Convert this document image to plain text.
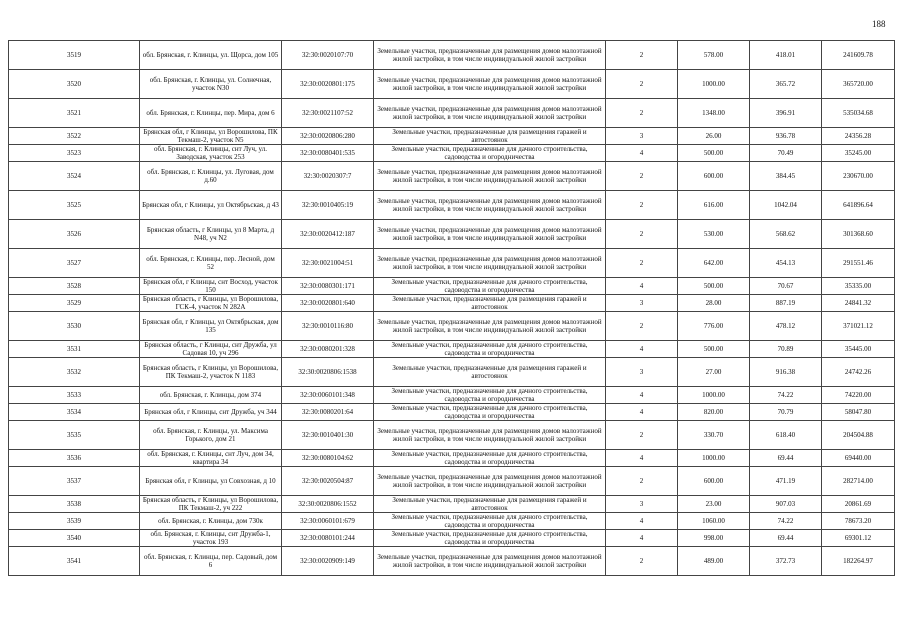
188
3519	обл. Брянская, г. Клинцы, ул. Щорса, дом 105	32:30:0020107:70	Земельные участки, предназначенные для размещения домов малоэтажной жилой застройки, в том числе индивидуальной жилой застройки	2	578.00	418.01	241609.78
3520	обл. Брянская, г. Клинцы, ул. Солнечная, участок N30	32:30:0020801:175	Земельные участки, предназначенные для размещения домов малоэтажной жилой застройки, в том числе индивидуальной жилой застройки	2	1000.00	365.72	365720.00
3521	обл. Брянская, г. Клинцы, пер. Мира, дом 6	32:30:0021107:52	Земельные участки, предназначенные для размещения домов малоэтажной жилой застройки, в том числе индивидуальной жилой застройки	2	1348.00	396.91	535034.68
3522	Брянская обл, г Клинцы, ул Ворошилова, ПК Текмаш-2, участок N5	32:30:0020806:280	Земельные участки, предназначенные для размещения гаражей и автостоянок	3	26.00	936.78	24356.28
3523	обл. Брянская, г. Клинцы, снт Луч, ул. Заводская, участок 253	32:30:0080401:535	Земельные участки, предназначенные для дачного строительства, садоводства и огородничества	4	500.00	70.49	35245.00
3524	обл. Брянская, г. Клинцы, ул. Луговая, дом д.60	32:30:0020307:7	Земельные участки, предназначенные для размещения домов малоэтажной жилой застройки, в том числе индивидуальной жилой застройки	2	600.00	384.45	230670.00
3525	Брянская обл, г Клинцы, ул Октябрьская, д 43	32:30:0010405:19	Земельные участки, предназначенные для размещения домов малоэтажной жилой застройки, в том числе индивидуальной жилой застройки	2	616.00	1042.04	641896.64
3526	Брянская область, г Клинцы, ул 8 Марта, д N48, уч N2	32:30:0020412:187	Земельные участки, предназначенные для размещения домов малоэтажной жилой застройки, в том числе индивидуальной жилой застройки	2	530.00	568.62	301368.60
3527	обл. Брянская, г. Клинцы, пер. Лесной, дом 52	32:30:0021004:51	Земельные участки, предназначенные для размещения домов малоэтажной жилой застройки, в том числе индивидуальной жилой застройки	2	642.00	454.13	291551.46
3528	Брянская обл, г Клинцы, снт Восход, участок 150	32:30:0080301:171	Земельные участки, предназначенные для дачного строительства, садоводства и огородничества	4	500.00	70.67	35335.00
3529	Брянская область, г Клинцы, ул Ворошилова, ГСК-4, участок N 282А	32:30:0020801:640	Земельные участки, предназначенные для размещения гаражей и автостоянок	3	28.00	887.19	24841.32
3530	Брянская обл, г Клинцы, ул Октябрьская, дом 135	32:30:0010116:80	Земельные участки, предназначенные для размещения домов малоэтажной жилой застройки, в том числе индивидуальной жилой застройки	2	776.00	478.12	371021.12
3531	Брянская область, г Клинцы, снт Дружба, ул Садовая 10, уч 296	32:30:0080201:328	Земельные участки, предназначенные для дачного строительства, садоводства и огородничества	4	500.00	70.89	35445.00
3532	Брянская область, г Клинцы, ул Ворошилова, ПК Текмаш-2, участок N 1183	32:30:0020806:1538	Земельные участки, предназначенные для размещения гаражей и автостоянок	3	27.00	916.38	24742.26
3533	обл. Брянская, г. Клинцы, дом 374	32:30:0060101:348	Земельные участки, предназначенные для дачного строительства, садоводства и огородничества	4	1000.00	74.22	74220.00
3534	Брянская обл, г Клинцы, снт Дружба, уч 344	32:30:0080201:64	Земельные участки, предназначенные для дачного строительства, садоводства и огородничества	4	820.00	70.79	58047.80
3535	обл. Брянская, г. Клинцы, ул. Максима Горького, дом 21	32:30:0010401:30	Земельные участки, предназначенные для размещения домов малоэтажной жилой застройки, в том числе индивидуальной жилой застройки	2	330.70	618.40	204504.88
3536	обл. Брянская, г. Клинцы, снт Луч, дом 34, квартира 34	32:30:0080104:62	Земельные участки, предназначенные для дачного строительства, садоводства и огородничества	4	1000.00	69.44	69440.00
3537	Брянская обл, г Клинцы, ул Совхозная, д 10	32:30:0020504:87	Земельные участки, предназначенные для размещения домов малоэтажной жилой застройки, в том числе индивидуальной жилой застройки	2	600.00	471.19	282714.00
3538	Брянская область, г Клинцы, ул Ворошилова, ПК Текмаш-2, уч 222	32:30:0020806:1552	Земельные участки, предназначенные для размещения гаражей и автостоянок	3	23.00	907.03	20861.69
3539	обл. Брянская, г. Клинцы, дом 730к	32:30:0060101:679	Земельные участки, предназначенные для дачного строительства, садоводства и огородничества	4	1060.00	74.22	78673.20
3540	обл. Брянская, г. Клинцы, снт Дружба-1, участок 193	32:30:0080101:244	Земельные участки, предназначенные для дачного строительства, садоводства и огородничества	4	998.00	69.44	69301.12
3541	обл. Брянская, г. Клинцы, пер. Садовый, дом 6	32:30:0020909:149	Земельные участки, предназначенные для размещения домов малоэтажной жилой застройки, в том числе индивидуальной жилой застройки	2	489.00	372.73	182264.97
